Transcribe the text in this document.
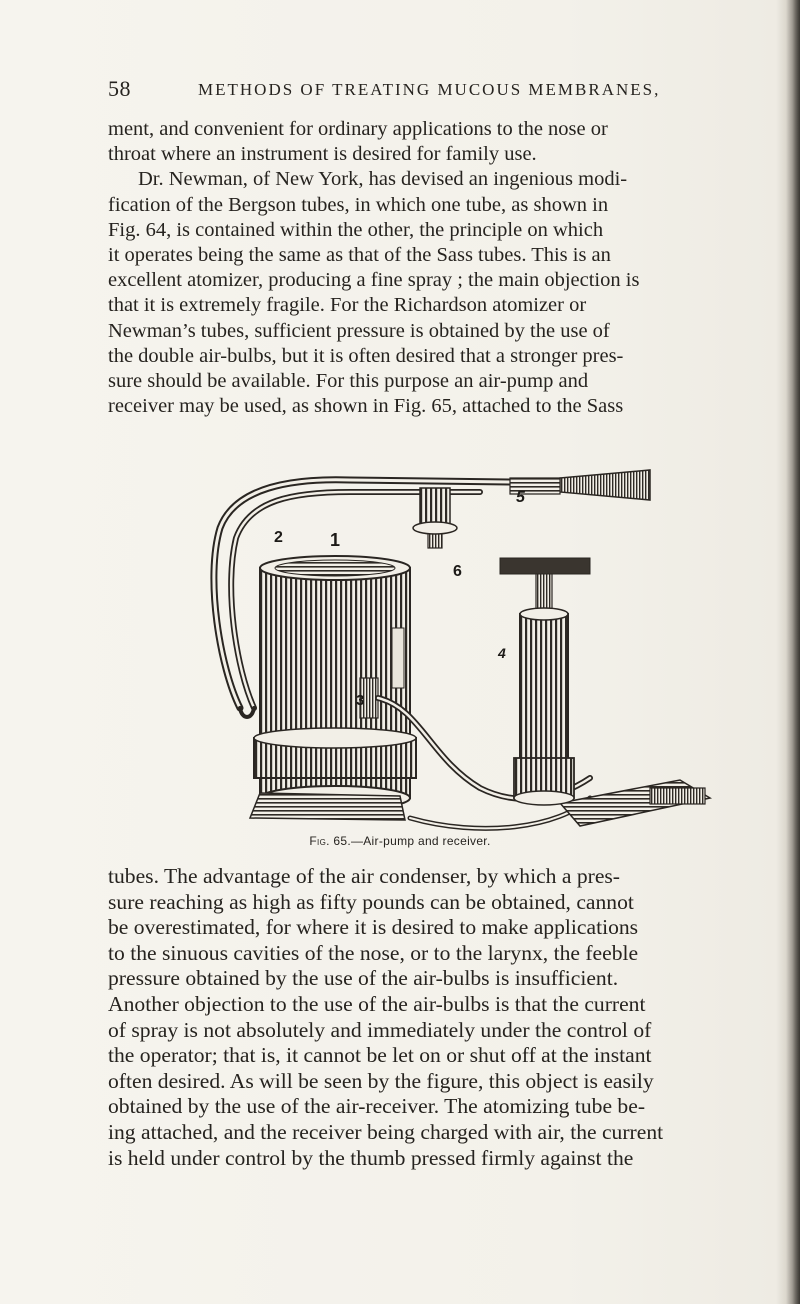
58	METHODS OF TREATING MUCOUS MEMBRANES,
ment, and convenient for ordinary applications to the nose or
throat where an instrument is desired for family use.
Dr. Newman, of New York, has devised an ingenious modi-
fication of the Bergson tubes, in which one tube, as shown in
Fig. 64, is contained within the other, the principle on which
it operates being the same as that of the Sass tubes. This is an
excellent atomizer, producing a fine spray ; the main objection is
that it is extremely fragile. For the Richardson atomizer or
Newman’s tubes, sufficient pressure is obtained by the use of
the double air-bulbs, but it is often desired that a stronger pres-
sure should be available. For this purpose an air-pump and
receiver may be used, as shown in Fig. 65, attached to the Sass
1
2
3
4
5
6
Fig. 65.—Air-pump and receiver.
tubes. The advantage of the air condenser, by which a pres-
sure reaching as high as fifty pounds can be obtained, cannot
be overestimated, for where it is desired to make applications
to the sinuous cavities of the nose, or to the larynx, the feeble
pressure obtained by the use of the air-bulbs is insufficient.
Another objection to the use of the air-bulbs is that the current
of spray is not absolutely and immediately under the control of
the operator; that is, it cannot be let on or shut off at the instant
often desired. As will be seen by the figure, this object is easily
obtained by the use of the air-receiver. The atomizing tube be-
ing attached, and the receiver being charged with air, the current
is held under control by the thumb pressed firmly against the
